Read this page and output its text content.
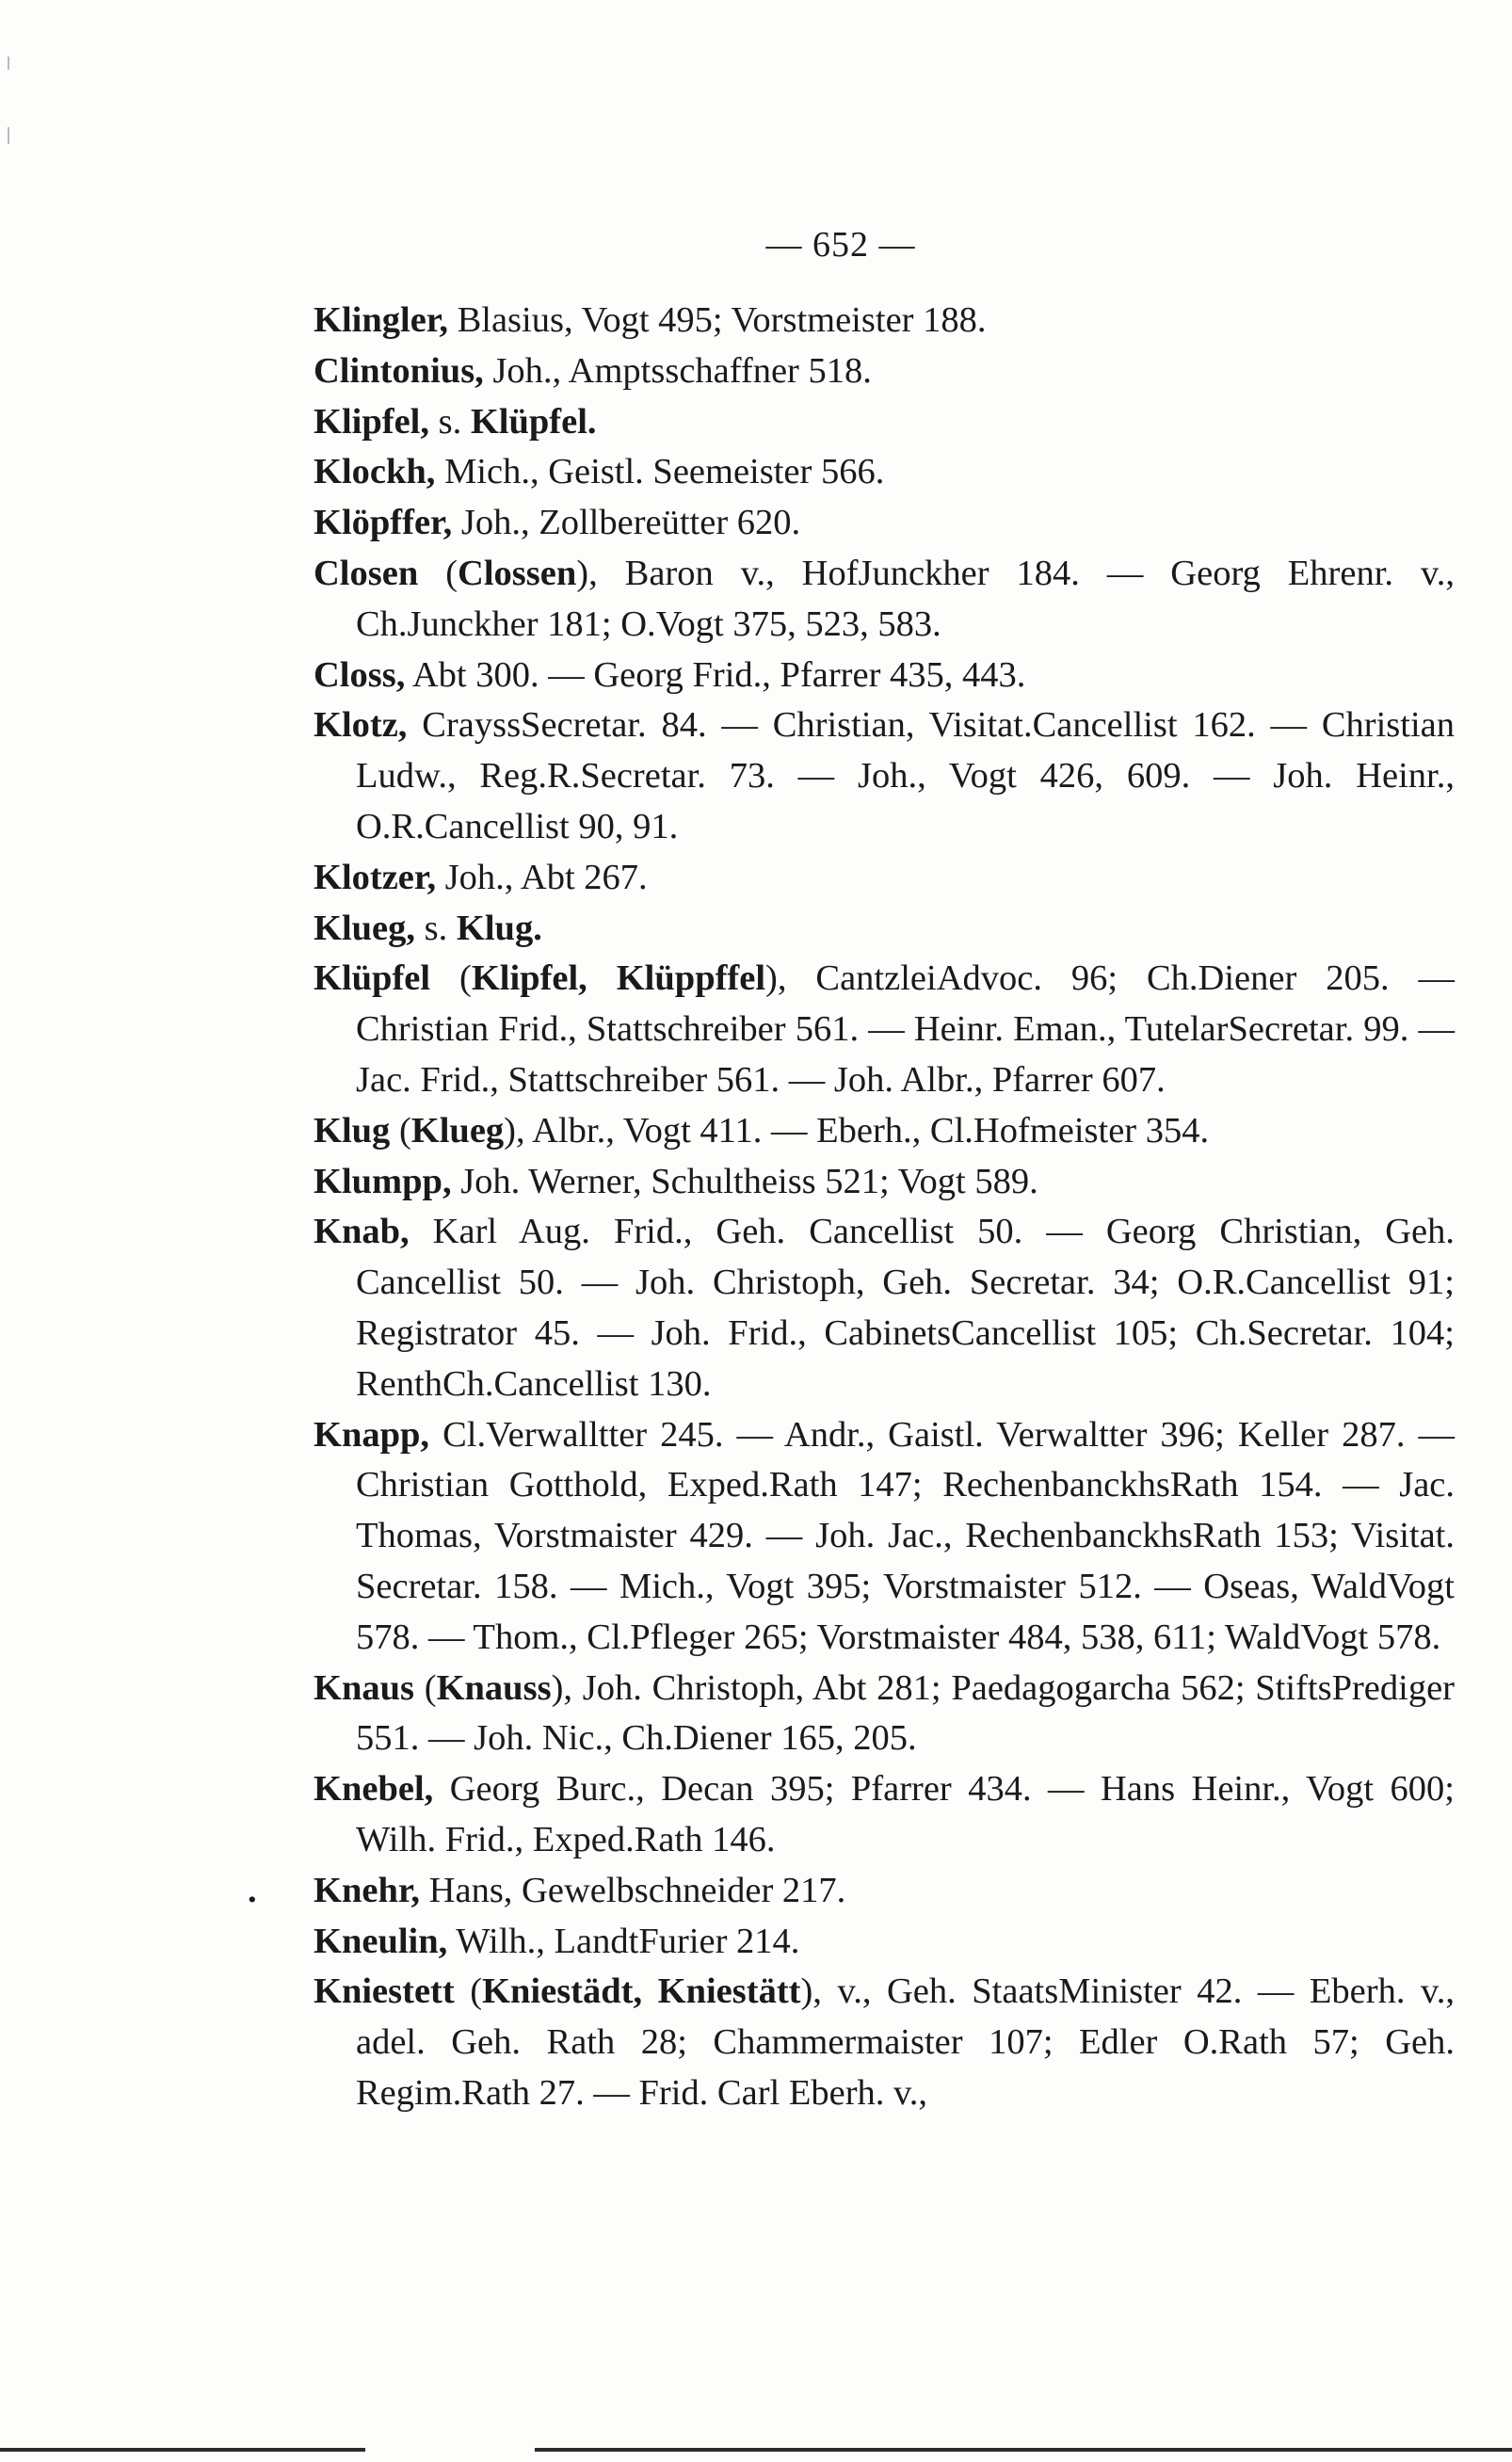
— 652 —

Klingler, Blasius, Vogt 495; Vorstmeister 188.

Clintonius, Joh., Amptsschaffner 518.

Klipfel, s. Klüpfel.

Klockh, Mich., Geistl. Seemeister 566.

Klöpffer, Joh., Zollbereütter 620.

Closen (Clossen), Baron v., HofJunckher 184. — Georg Ehrenr. v., Ch.Junckher 181; O.Vogt 375, 523, 583.

Closs, Abt 300. — Georg Frid., Pfarrer 435, 443.

Klotz, CrayssSecretar. 84. — Christian, Visitat.Cancellist 162. — Christian Ludw., Reg.R.Secretar. 73. — Joh., Vogt 426, 609. — Joh. Heinr., O.R.Cancellist 90, 91.

Klotzer, Joh., Abt 267.

Klueg, s. Klug.

Klüpfel (Klipfel, Klüppffel), CantzleiAdvoc. 96; Ch.Diener 205. — Christian Frid., Stattschreiber 561. — Heinr. Eman., TutelarSecretar. 99. — Jac. Frid., Stattschreiber 561. — Joh. Albr., Pfarrer 607.

Klug (Klueg), Albr., Vogt 411. — Eberh., Cl.Hofmeister 354.

Klumpp, Joh. Werner, Schultheiss 521; Vogt 589.

Knab, Karl Aug. Frid., Geh. Cancellist 50. — Georg Christian, Geh. Cancellist 50. — Joh. Christoph, Geh. Secretar. 34; O.R.Cancellist 91; Registrator 45. — Joh. Frid., CabinetsCancellist 105; Ch.Secretar. 104; RenthCh.Cancellist 130.

Knapp, Cl.Verwalltter 245. — Andr., Gaistl. Verwaltter 396; Keller 287. — Christian Gotthold, Exped.Rath 147; RechenbanckhsRath 154. — Jac. Thomas, Vorstmaister 429. — Joh. Jac., RechenbanckhsRath 153; Visitat. Secretar. 158. — Mich., Vogt 395; Vorstmaister 512. — Oseas, WaldVogt 578. — Thom., Cl.Pfleger 265; Vorstmaister 484, 538, 611; WaldVogt 578.

Knaus (Knauss), Joh. Christoph, Abt 281; Paedagogarcha 562; StiftsPrediger 551. — Joh. Nic., Ch.Diener 165, 205.

Knebel, Georg Burc., Decan 395; Pfarrer 434. — Hans Heinr., Vogt 600; Wilh. Frid., Exped.Rath 146.

. Knehr, Hans, Gewelbschneider 217.

Kneulin, Wilh., LandtFurier 214.

Kniestett (Kniestädt, Kniestätt), v., Geh. StaatsMinister 42. — Eberh. v., adel. Geh. Rath 28; Chammermaister 107; Edler O.Rath 57; Geh. Regim.Rath 27. — Frid. Carl Eberh. v.,
